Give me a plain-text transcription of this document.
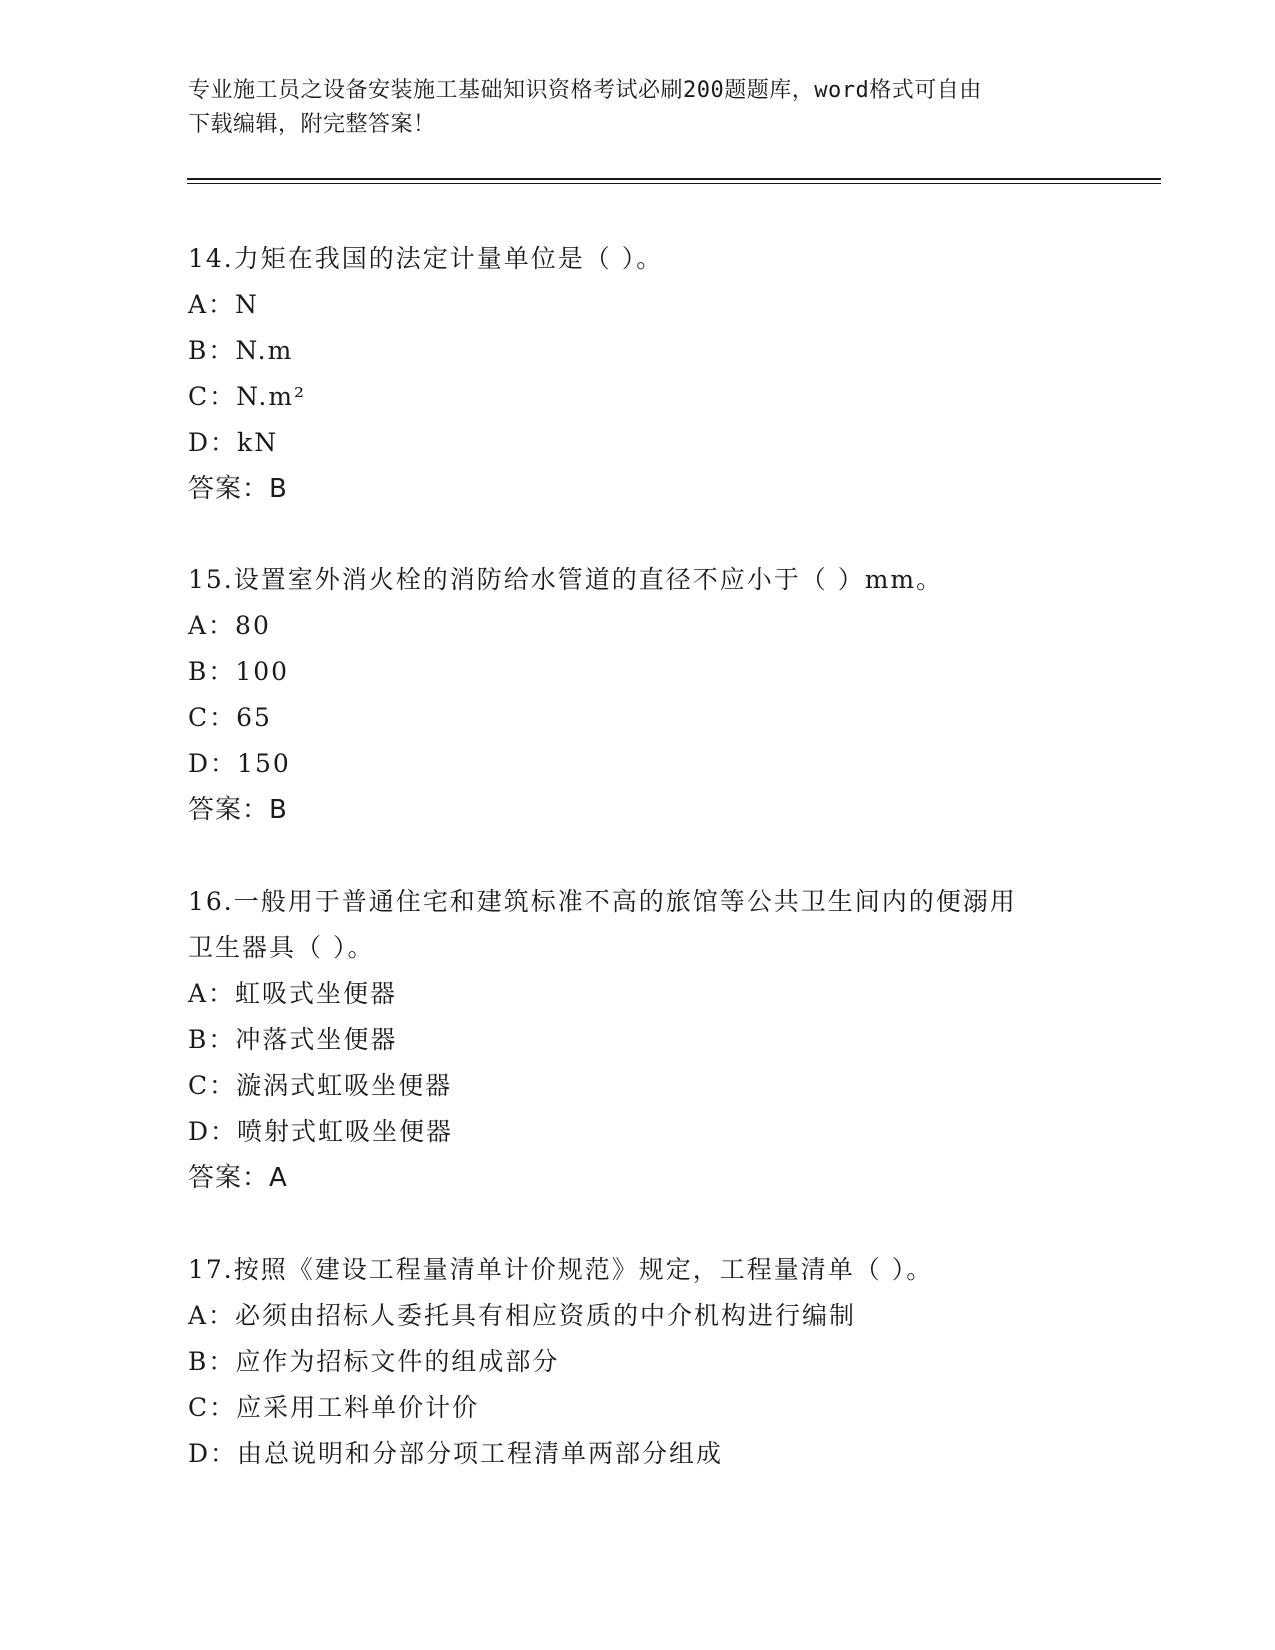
专业施工员之设备安装施工基础知识资格考试必刷200题题库，word格式可自由
下载编辑，附完整答案！
14.力矩在我国的法定计量单位是（ ）。
A：N
B：N.m
C：N.m²
D：kN
答案：B
15.设置室外消火栓的消防给水管道的直径不应小于（ ）mm。
A：80
B：100
C：65
D：150
答案：B
16.一般用于普通住宅和建筑标准不高的旅馆等公共卫生间内的便溺用
卫生器具（ ）。
A：虹吸式坐便器
B：冲落式坐便器
C：漩涡式虹吸坐便器
D：喷射式虹吸坐便器
答案：A
17.按照《建设工程量清单计价规范》规定，工程量清单（ ）。
A：必须由招标人委托具有相应资质的中介机构进行编制
B：应作为招标文件的组成部分
C：应采用工料单价计价
D：由总说明和分部分项工程清单两部分组成
